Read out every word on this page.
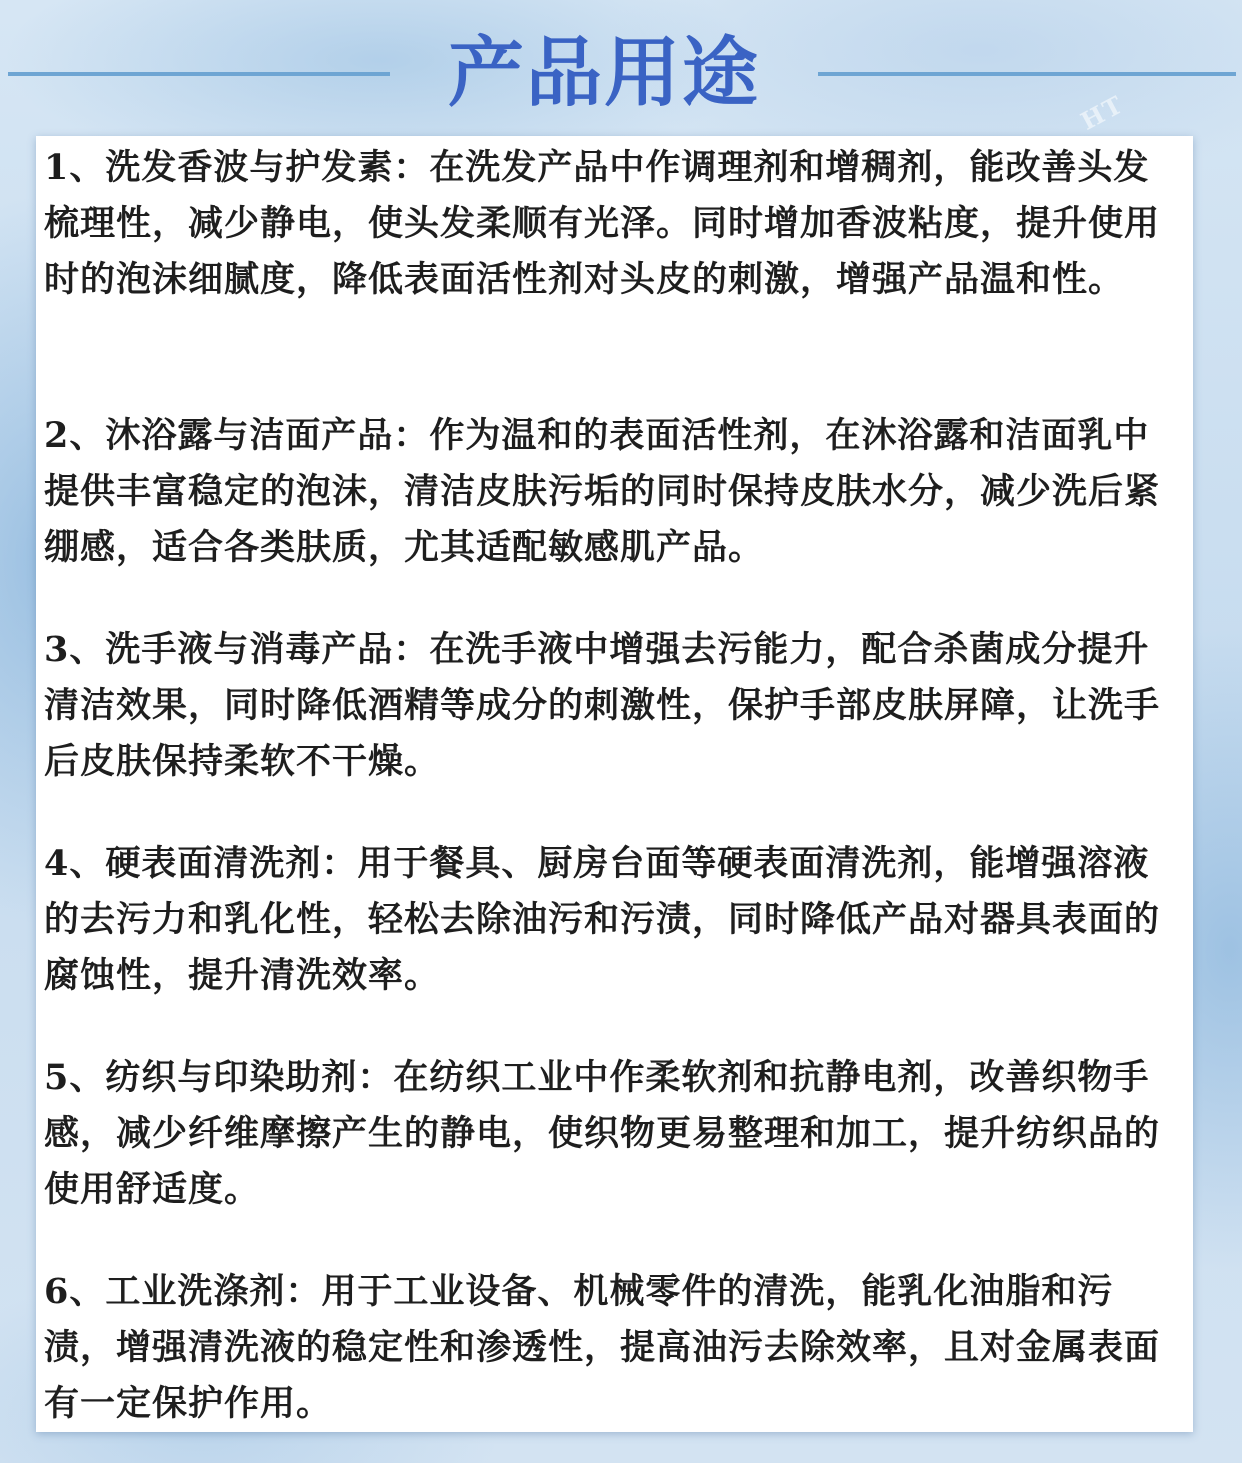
产品用途	HT

1、洗发香波与护发素：在洗发产品中作调理剂和增稠剂，能改善头发梳理性，减少静电，使头发柔顺有光泽。同时增加香波粘度，提升使用时的泡沫细腻度，降低表面活性剂对头皮的刺激，增强产品温和性。

2、沐浴露与洁面产品：作为温和的表面活性剂，在沐浴露和洁面乳中提供丰富稳定的泡沫，清洁皮肤污垢的同时保持皮肤水分，减少洗后紧绷感，适合各类肤质，尤其适配敏感肌产品。

3、洗手液与消毒产品：在洗手液中增强去污能力，配合杀菌成分提升清洁效果，同时降低酒精等成分的刺激性，保护手部皮肤屏障，让洗手后皮肤保持柔软不干燥。

4、硬表面清洗剂：用于餐具、厨房台面等硬表面清洗剂，能增强溶液的去污力和乳化性，轻松去除油污和污渍，同时降低产品对器具表面的腐蚀性，提升清洗效率。

5、纺织与印染助剂：在纺织工业中作柔软剂和抗静电剂，改善织物手感，减少纤维摩擦产生的静电，使织物更易整理和加工，提升纺织品的使用舒适度。

6、工业洗涤剂：用于工业设备、机械零件的清洗，能乳化油脂和污渍，增强清洗液的稳定性和渗透性，提高油污去除效率，且对金属表面有一定保护作用。
